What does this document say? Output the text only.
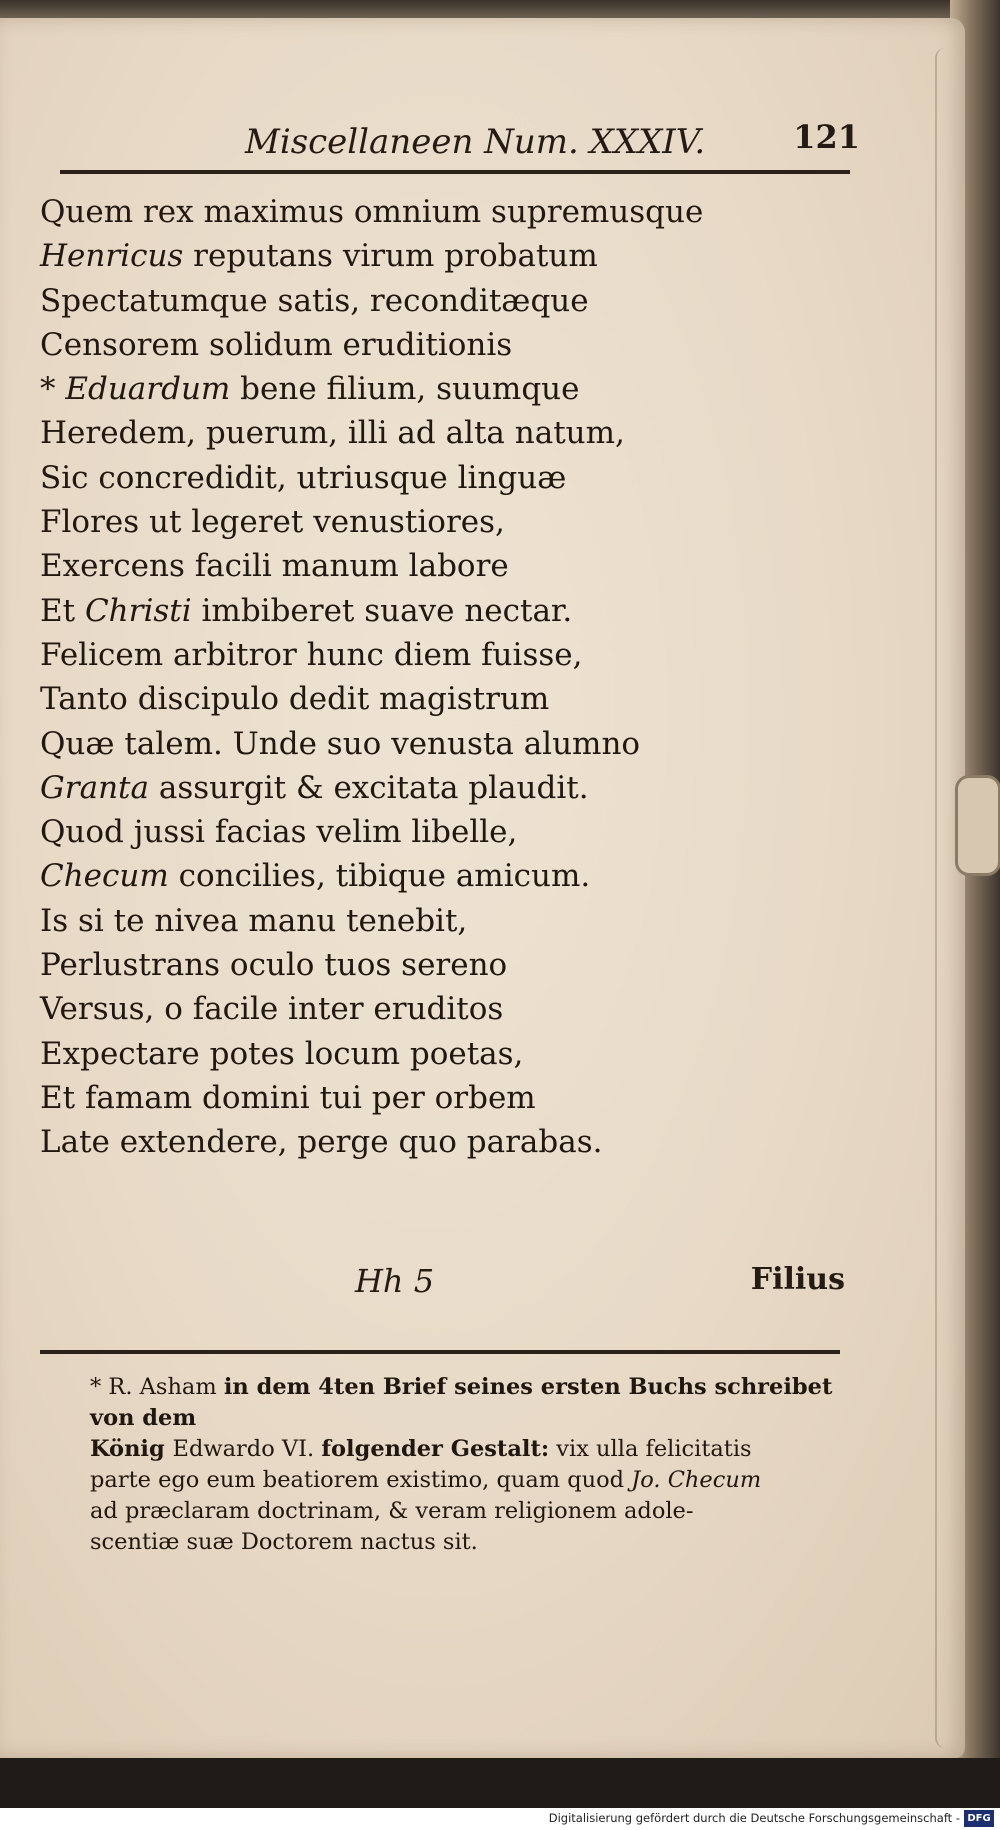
Miscellaneen Num. XXXIV.	121
Quem rex maximus omnium supremusque
Henricus reputans virum probatum
Spectatumque satis, reconditæque
Censorem solidum eruditionis
* Eduardum bene filium, suumque
Heredem, puerum, illi ad alta natum,
Sic concredidit, utriusque linguæ
Flores ut legeret venustiores,
Exercens facili manum labore
Et Christi imbiberet suave nectar.
Felicem arbitror hunc diem fuisse,
Tanto discipulo dedit magistrum
Quæ talem. Unde suo venusta alumno
Granta assurgit & excitata plaudit.
Quod jussi facias velim libelle,
Checum concilies, tibique amicum.
Is si te nivea manu tenebit,
Perlustrans oculo tuos sereno
Versus, o facile inter eruditos
Expectare potes locum poetas,
Et famam domini tui per orbem
Late extendere, perge quo parabas.
Hh 5	Filius

* R. Asham in dem 4ten Brief seines ersten Buchs schreibet von dem

König Edwardo VI. folgender Gestalt: vix ulla felicitatis

parte ego eum beatiorem existimo, quam quod Jo. Checum

ad præclaram doctrinam, & veram religionem adole-

scentiæ suæ Doctorem nactus sit.

Digitalisierung gefördert durch die Deutsche Forschungsgemeinschaft - DFG
